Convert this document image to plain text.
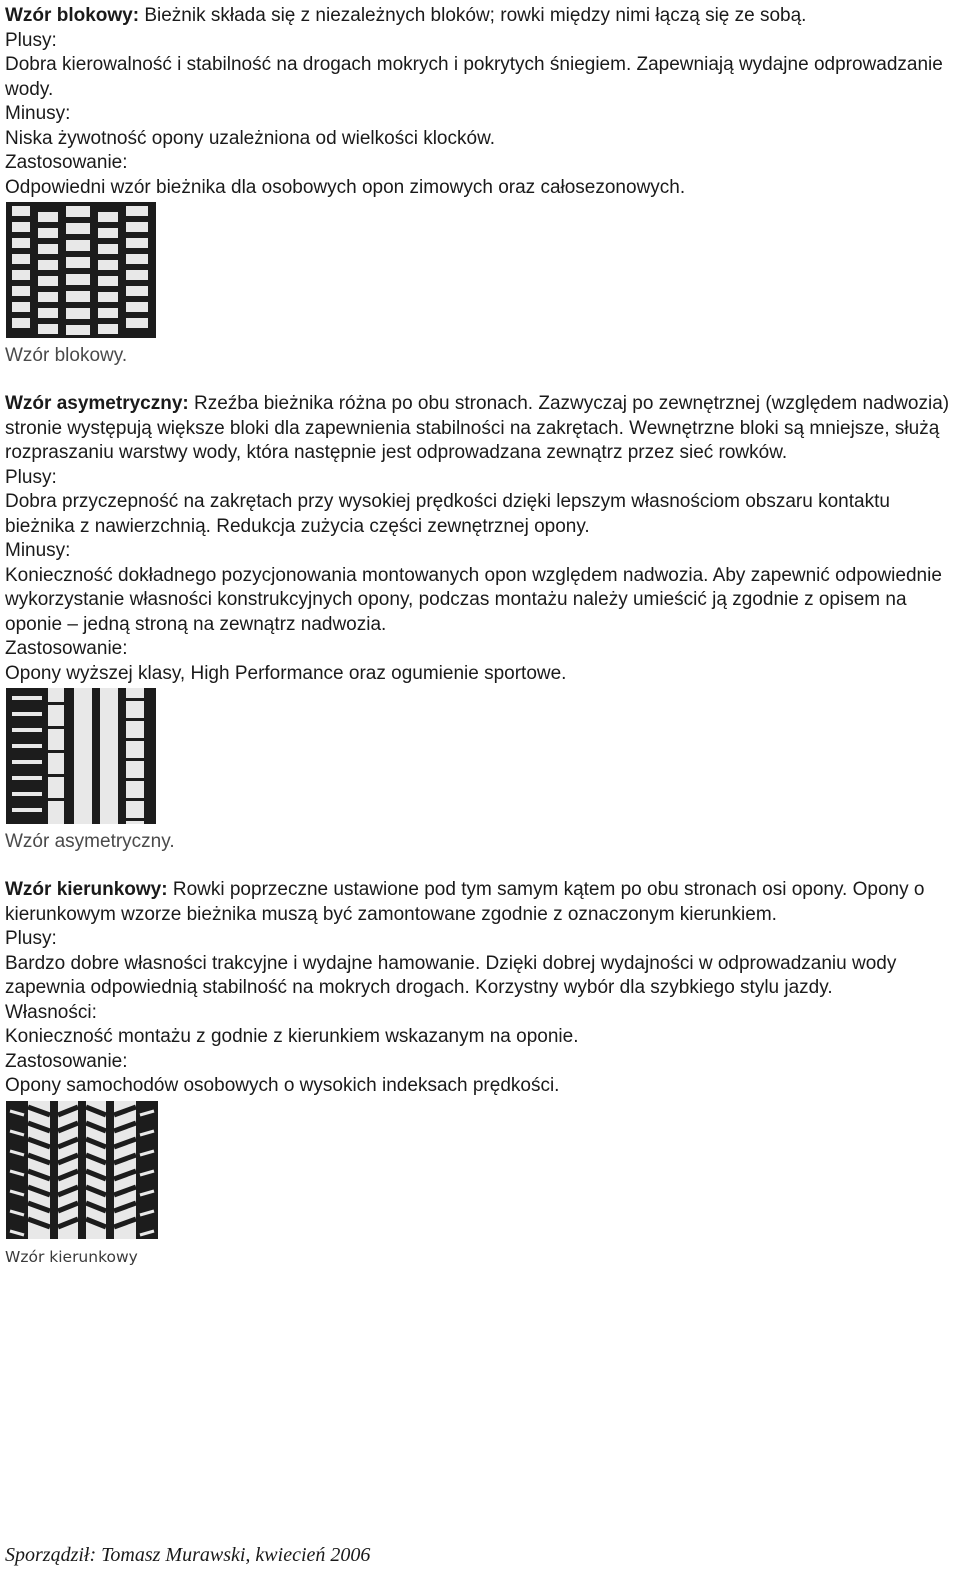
Wzór blokowy: Bieżnik składa się z niezależnych bloków; rowki między nimi łączą się ze sobą.

Plusy:

Dobra kierowalność i stabilność na drogach mokrych i pokrytych śniegiem. Zapewniają wydajne odprowadzanie wody.

Minusy:

Niska żywotność opony uzależniona od wielkości klocków.

Zastosowanie:

Odpowiedni wzór bieżnika dla osobowych opon zimowych oraz całosezonowych.

Wzór blokowy.

Wzór asymetryczny: Rzeźba bieżnika różna po obu stronach. Zazwyczaj po zewnętrznej (względem nadwozia) stronie występują większe bloki dla zapewnienia stabilności na zakrętach. Wewnętrzne bloki są mniejsze, służą rozpraszaniu warstwy wody, która następnie jest odprowadzana zewnątrz przez sieć rowków.

Plusy:

Dobra przyczepność na zakrętach przy wysokiej prędkości dzięki lepszym własnościom obszaru kontaktu bieżnika z nawierzchnią. Redukcja zużycia części zewnętrznej opony.

Minusy:

Konieczność dokładnego pozycjonowania montowanych opon względem nadwozia. Aby zapewnić odpowiednie wykorzystanie własności konstrukcyjnych opony, podczas montażu należy umieścić ją zgodnie z opisem na oponie – jedną stroną na zewnątrz nadwozia.

Zastosowanie:

Opony wyższej klasy, High Performance oraz ogumienie sportowe.

Wzór asymetryczny.

Wzór kierunkowy: Rowki poprzeczne ustawione pod tym samym kątem po obu stronach osi opony. Opony o kierunkowym wzorze bieżnika muszą być zamontowane zgodnie z oznaczonym kierunkiem.

Plusy:

Bardzo dobre własności trakcyjne i wydajne hamowanie. Dzięki dobrej wydajności w odprowadzaniu wody zapewnia odpowiednią stabilność na mokrych drogach. Korzystny wybór dla szybkiego stylu jazdy.

Własności:

Konieczność montażu z godnie z kierunkiem wskazanym na oponie.

Zastosowanie:

Opony samochodów osobowych o wysokich indeksach prędkości.

Wzór kierunkowy

Sporządził: Tomasz Murawski, kwiecień 2006
